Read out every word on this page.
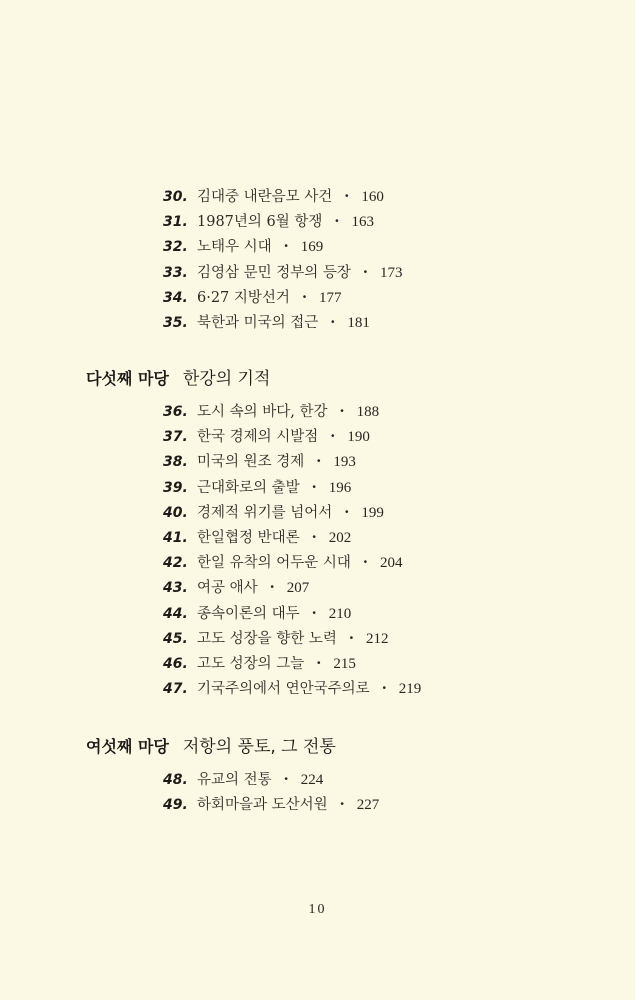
30. 김대중 내란음모 사건 · 160
31. 1987년의 6월 항쟁 · 163
32. 노태우 시대 · 169
33. 김영삼 문민 정부의 등장 · 173
34. 6·27 지방선거 · 177
35. 북한과 미국의 접근 · 181
다섯째 마당 한강의 기적
36. 도시 속의 바다, 한강 · 188
37. 한국 경제의 시발점 · 190
38. 미국의 원조 경제 · 193
39. 근대화로의 출발 · 196
40. 경제적 위기를 넘어서 · 199
41. 한일협정 반대론 · 202
42. 한일 유착의 어두운 시대 · 204
43. 여공 애사 · 207
44. 종속이론의 대두 · 210
45. 고도 성장을 향한 노력 · 212
46. 고도 성장의 그늘 · 215
47. 기국주의에서 연안국주의로 · 219
여섯째 마당 저항의 풍토, 그 전통
48. 유교의 전통 · 224
49. 하회마을과 도산서원 · 227
10
